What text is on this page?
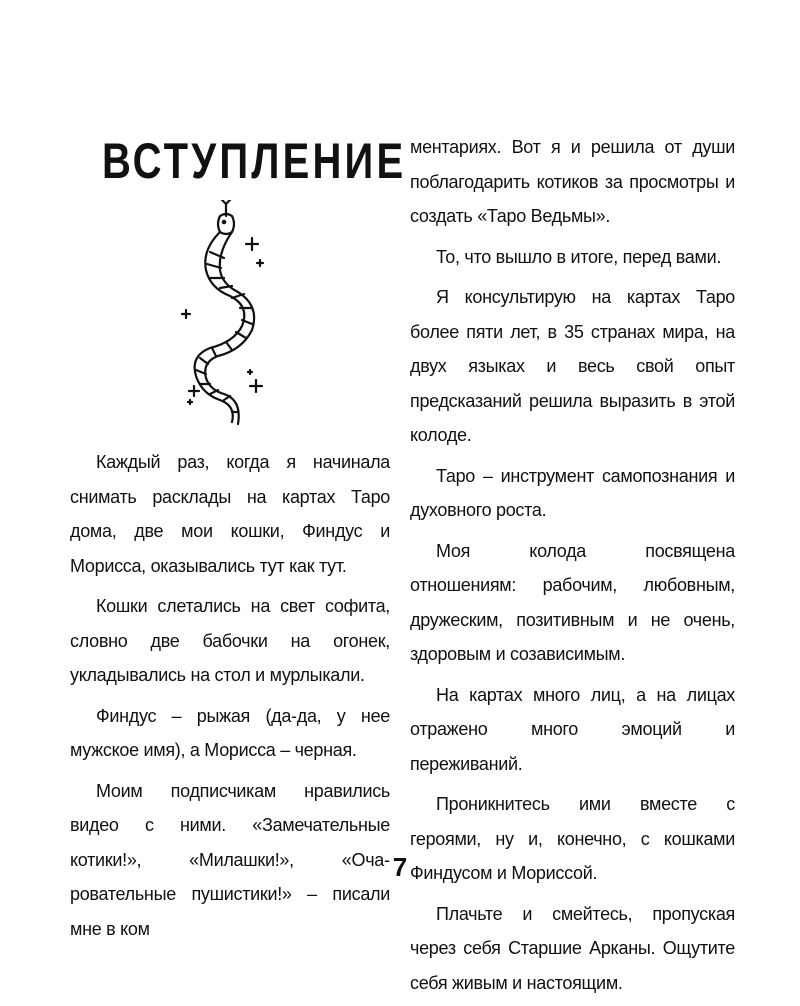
ВСТУПЛЕНИЕ

Каждый раз, когда я начинала снимать расклады на картах Таро дома, две мои кошки, Финдус и Морисса, оказывались тут как тут.

Кошки слетались на свет софита, словно две бабочки на огонек, укладывались на стол и мурлыкали.

Финдус – рыжая (да-да, у нее мужское имя), а Морисса – черная.

Моим подписчикам нравились видео с ними. «Замечательные котики!», «Милашки!», «Очаровательные пушистики!» – писали мне в ком

ментариях. Вот я и решила от души поблагодарить котиков за просмотры и создать «Таро Ведьмы».

То, что вышло в итоге, перед вами.

Я консультирую на картах Таро более пяти лет, в 35 странах мира, на двух языках и весь свой опыт предсказаний решила выразить в этой колоде.

Таро – инструмент самопознания и духовного роста.

Моя колода посвящена отношениям: рабочим, любовным, дружеским, позитивным и не очень, здоровым и созависимым.

На картах много лиц, а на лицах отражено много эмоций и переживаний.

Проникнитесь ими вместе с героями, ну и, конечно, с кошками Финдусом и Мориссой.

Плачьте и смейтесь, пропуская через себя Старшие Арканы. Ощутите себя живым и настоящим.

7
